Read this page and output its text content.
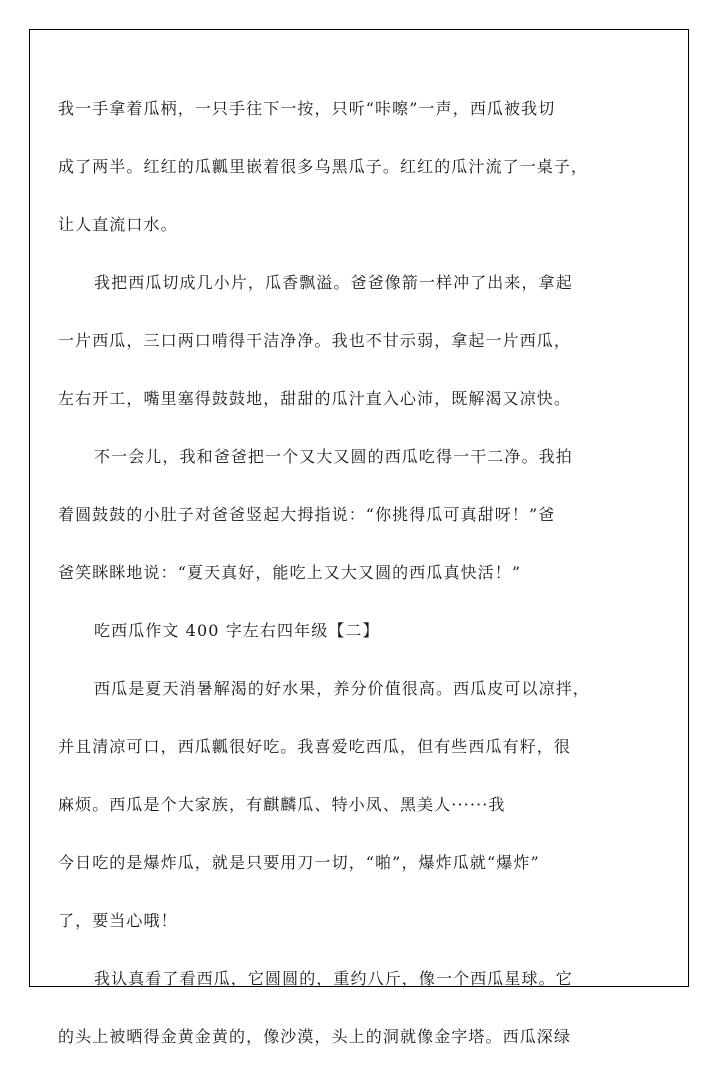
我一手拿着瓜柄，一只手往下一按，只听“咔嚓”一声，西瓜被我切
成了两半。红红的瓜瓤里嵌着很多乌黑瓜子。红红的瓜汁流了一桌子，
让人直流口水。
我把西瓜切成几小片，瓜香飘溢。爸爸像箭一样冲了出来，拿起
一片西瓜，三口两口啃得干洁净净。我也不甘示弱，拿起一片西瓜，
左右开工，嘴里塞得鼓鼓地，甜甜的瓜汁直入心沛，既解渴又凉快。
不一会儿，我和爸爸把一个又大又圆的西瓜吃得一干二净。我拍
着圆鼓鼓的小肚子对爸爸竖起大拇指说：“你挑得瓜可真甜呀！”爸
爸笑眯眯地说：“夏天真好，能吃上又大又圆的西瓜真快活！”
吃西瓜作文 400 字左右四年级【二】
西瓜是夏天消暑解渴的好水果，养分价值很高。西瓜皮可以凉拌，
并且清凉可口，西瓜瓤很好吃。我喜爱吃西瓜，但有些西瓜有籽，很
麻烦。西瓜是个大家族，有麒麟瓜、特小凤、黑美人······我
今日吃的是爆炸瓜，就是只要用刀一切，“啪”，爆炸瓜就“爆炸”
了，要当心哦！
我认真看了看西瓜，它圆圆的，重约八斤，像一个西瓜星球。它
的头上被晒得金黄金黄的，像沙漠，头上的洞就像金字塔。西瓜深绿
